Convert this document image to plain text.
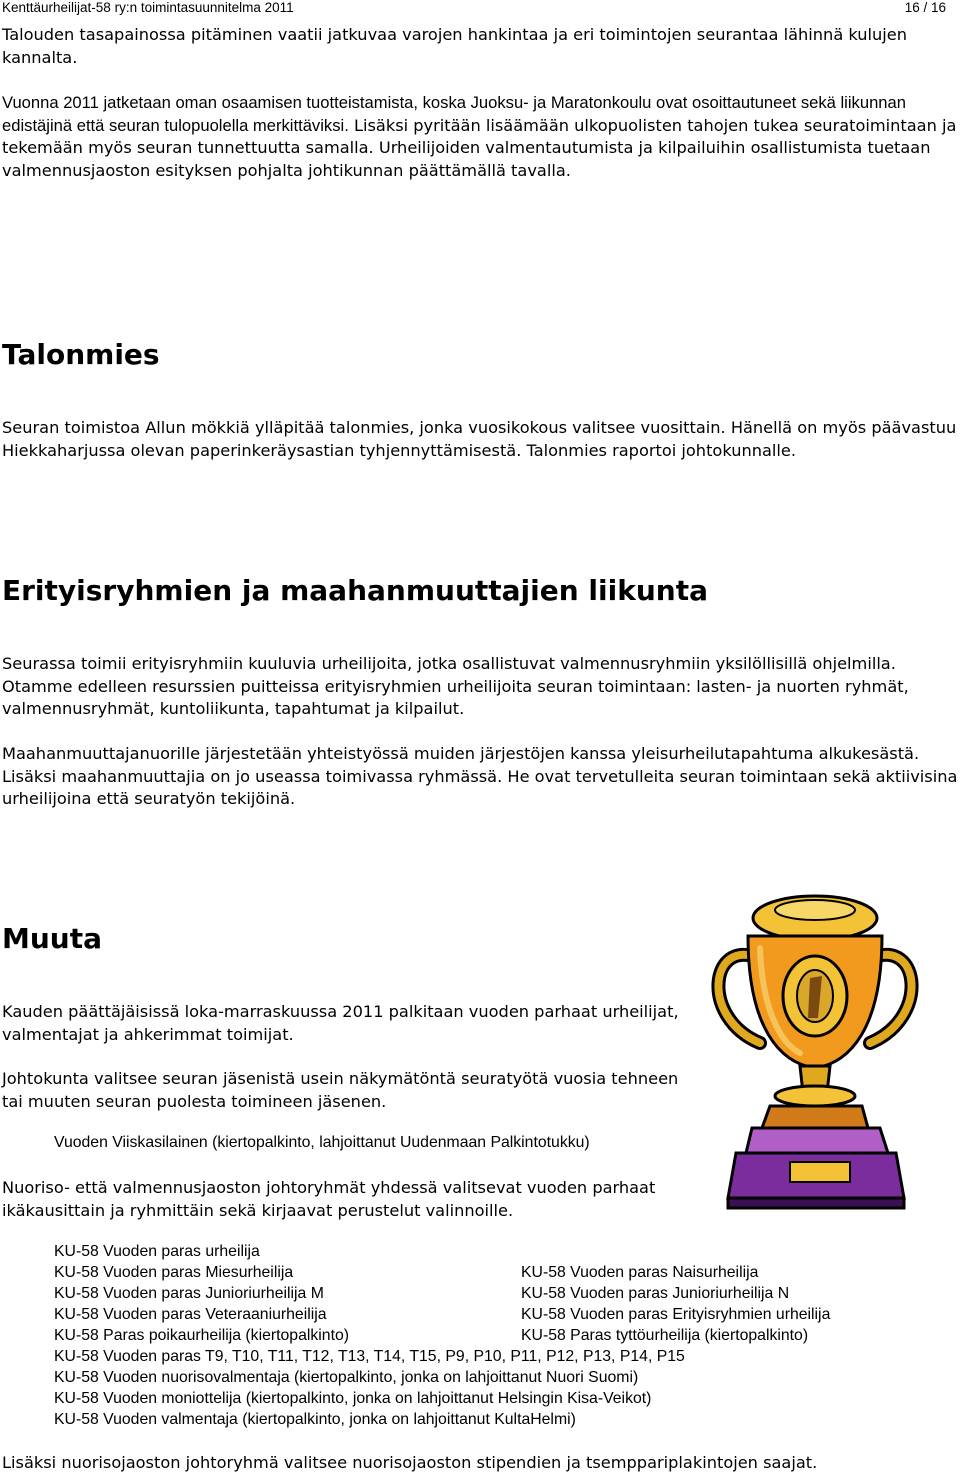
Kenttäurheilijat-58 ry:n toimintasuunnitelma 2011	16 / 16

Talouden tasapainossa pitäminen vaatii jatkuvaa varojen hankintaa ja eri toimintojen seurantaa lähinnä kulujen kannalta.

Vuonna 2011 jatketaan oman osaamisen tuotteistamista, koska Juoksu- ja Maratonkoulu ovat osoittautuneet sekä liikunnan edistäjinä että seuran tulopuolella merkittäviksi. Lisäksi pyritään lisäämään ulkopuolisten tahojen tukea seuratoimintaan ja tekemään myös seuran tunnettuutta samalla. Urheilijoiden valmentautumista ja kilpailuihin osallistumista tuetaan valmennusjaoston esityksen pohjalta johtikunnan päättämällä tavalla.

Talonmies

Seuran toimistoa Allun mökkiä ylläpitää talonmies, jonka vuosikokous valitsee vuosittain. Hänellä on myös päävastuu Hiekkaharjussa olevan paperinkeräysastian tyhjennyttämisestä. Talonmies raportoi johtokunnalle.

Erityisryhmien ja maahanmuuttajien liikunta

Seurassa toimii erityisryhmiin kuuluvia urheilijoita, jotka osallistuvat valmennusryhmiin yksilöllisillä ohjelmilla. Otamme edelleen resurssien puitteissa erityisryhmien urheilijoita seuran toimintaan: lasten- ja nuorten ryhmät, valmennusryhmät, kuntoliikunta, tapahtumat ja kilpailut.

Maahanmuuttajanuorille järjestetään yhteistyössä muiden järjestöjen kanssa yleisurheilutapahtuma alkukesästä. Lisäksi maahanmuuttajia on jo useassa toimivassa ryhmässä. He ovat tervetulleita seuran toimintaan sekä aktiivisina urheilijoina että seuratyön tekijöinä.

Muuta

Kauden päättäjäisissä loka-marraskuussa 2011 palkitaan vuoden parhaat urheilijat, valmentajat ja ahkerimmat toimijat.

Johtokunta valitsee seuran jäsenistä usein näkymätöntä seuratyötä vuosia tehneen tai muuten seuran puolesta toimineen jäsenen.

Vuoden Viiskasilainen (kiertopalkinto, lahjoittanut Uudenmaan Palkintotukku)

Nuoriso- että valmennusjaoston johtoryhmät yhdessä valitsevat vuoden parhaat ikäkausittain ja ryhmittäin sekä kirjaavat perustelut valinnoille.

KU-58 Vuoden paras urheilija
KU-58 Vuoden paras Miesurheilija	KU-58 Vuoden paras Naisurheilija
KU-58 Vuoden paras Junioriurheilija M	KU-58 Vuoden paras Junioriurheilija N
KU-58 Vuoden paras Veteraaniurheilija	KU-58 Vuoden paras Erityisryhmien urheilija
KU-58 Paras poikaurheilija (kiertopalkinto)	KU-58 Paras tyttöurheilija (kiertopalkinto)
KU-58 Vuoden paras T9, T10, T11, T12, T13, T14, T15, P9, P10, P11, P12, P13, P14, P15
KU-58 Vuoden nuorisovalmentaja (kiertopalkinto, jonka on lahjoittanut Nuori Suomi)
KU-58 Vuoden moniottelija (kiertopalkinto, jonka on lahjoittanut Helsingin Kisa-Veikot)
KU-58 Vuoden valmentaja (kiertopalkinto, jonka on lahjoittanut KultaHelmi)

Lisäksi nuorisojaoston johtoryhmä valitsee nuorisojaoston stipendien ja tsemppariplakintojen saajat.
